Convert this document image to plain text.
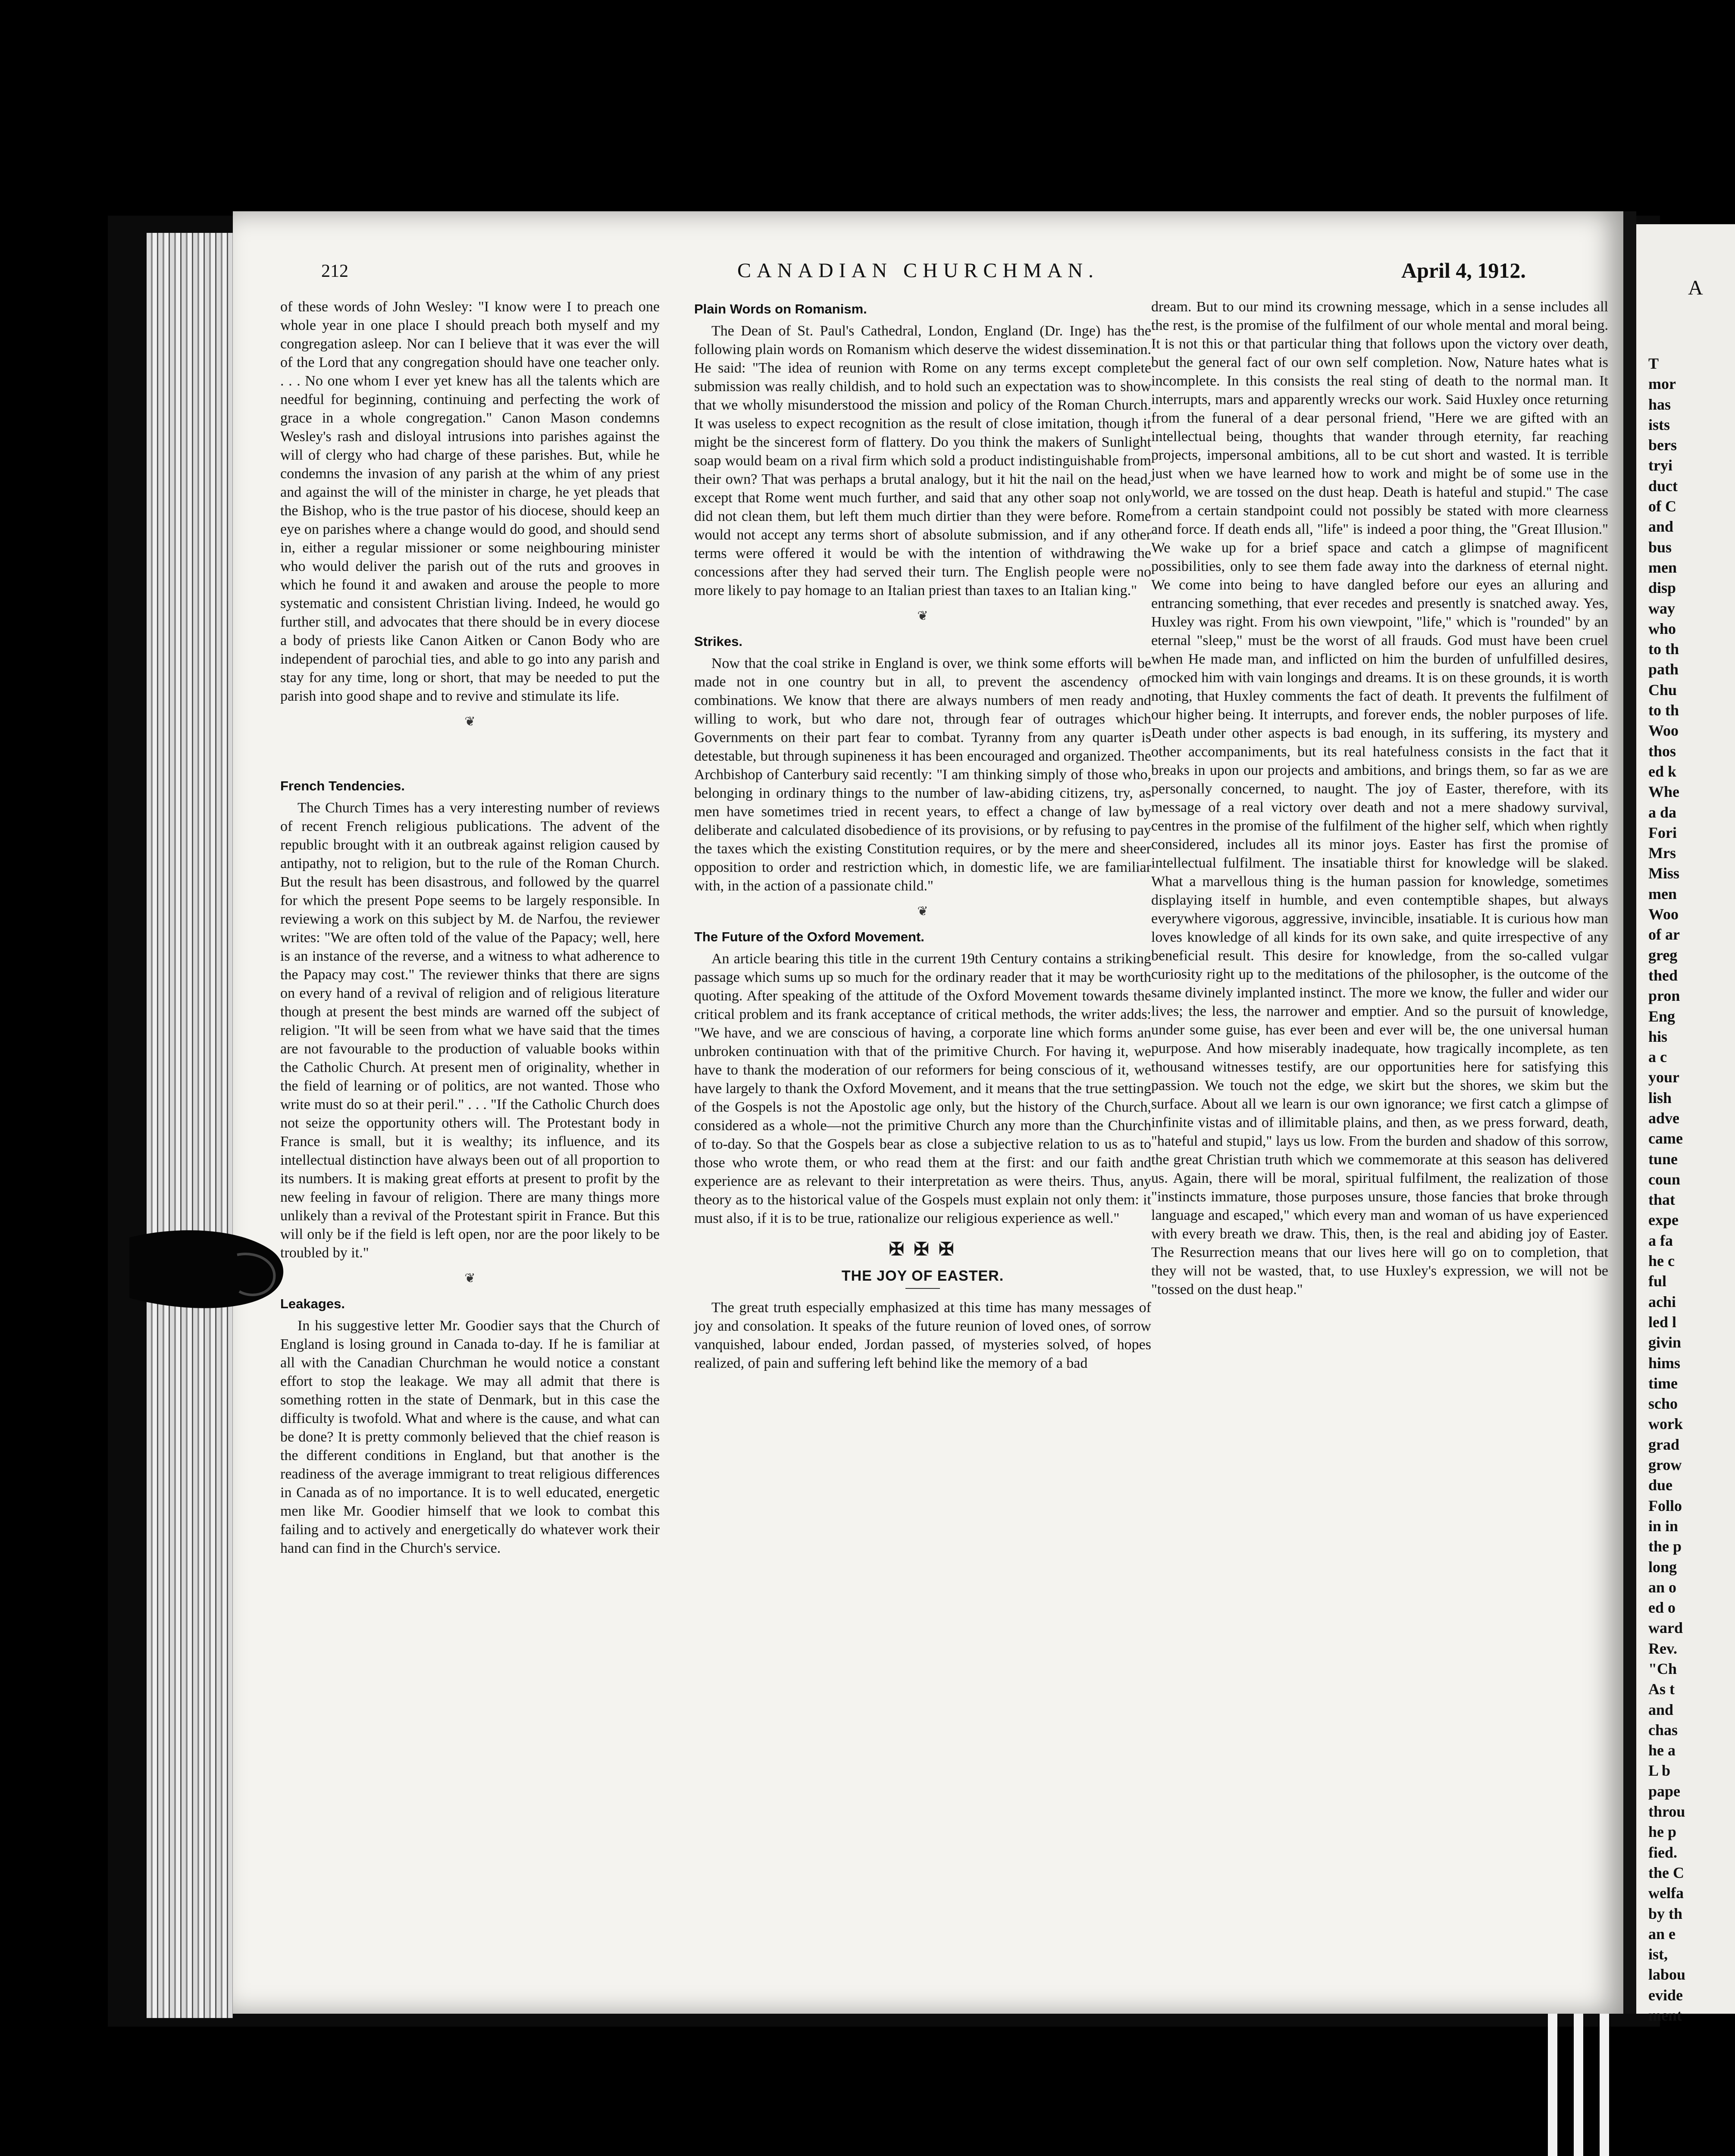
212	CANADIAN CHURCHMAN.	April 4, 1912.

of these words of John Wesley: "I know were I to preach one whole year in one place I should preach both myself and my congregation asleep. Nor can I believe that it was ever the will of the Lord that any congregation should have one teacher only. . . . No one whom I ever yet knew has all the talents which are needful for beginning, continuing and perfecting the work of grace in a whole congregation." Canon Mason condemns Wesley's rash and disloyal intrusions into parishes against the will of clergy who had charge of these parishes. But, while he condemns the invasion of any parish at the whim of any priest and against the will of the minister in charge, he yet pleads that the Bishop, who is the true pastor of his diocese, should keep an eye on parishes where a change would do good, and should send in, either a regular missioner or some neighbouring minister who would deliver the parish out of the ruts and grooves in which he found it and awaken and arouse the people to more systematic and consistent Christian living. Indeed, he would go further still, and advocates that there should be in every diocese a body of priests like Canon Aitken or Canon Body who are independent of parochial ties, and able to go into any parish and stay for any time, long or short, that may be needed to put the parish into good shape and to revive and stimulate its life.

❦
French Tendencies.

The Church Times has a very interesting number of reviews of recent French religious publications. The advent of the republic brought with it an outbreak against religion caused by antipathy, not to religion, but to the rule of the Roman Church. But the result has been disastrous, and followed by the quarrel for which the present Pope seems to be largely responsible. In reviewing a work on this subject by M. de Narfou, the reviewer writes: "We are often told of the value of the Papacy; well, here is an instance of the reverse, and a witness to what adherence to the Papacy may cost." The reviewer thinks that there are signs on every hand of a revival of religion and of religious literature though at present the best minds are warned off the subject of religion. "It will be seen from what we have said that the times are not favourable to the production of valuable books within the Catholic Church. At present men of originality, whether in the field of learning or of politics, are not wanted. Those who write must do so at their peril." . . . "If the Catholic Church does not seize the opportunity others will. The Protestant body in France is small, but it is wealthy; its influence, and its intellectual distinction have always been out of all proportion to its numbers. It is making great efforts at present to profit by the new feeling in favour of religion. There are many things more unlikely than a revival of the Protestant spirit in France. But this will only be if the field is left open, nor are the poor likely to be troubled by it."

❦
Leakages.

In his suggestive letter Mr. Goodier says that the Church of England is losing ground in Canada to-day. If he is familiar at all with the Canadian Churchman he would notice a constant effort to stop the leakage. We may all admit that there is something rotten in the state of Denmark, but in this case the difficulty is twofold. What and where is the cause, and what can be done? It is pretty commonly believed that the chief reason is the different conditions in England, but that another is the readiness of the average immigrant to treat religious differences in Canada as of no importance. It is to well educated, energetic men like Mr. Goodier himself that we look to combat this failing and to actively and energetically do whatever work their hand can find in the Church's service.

Plain Words on Romanism.

The Dean of St. Paul's Cathedral, London, England (Dr. Inge) has the following plain words on Romanism which deserve the widest dissemination. He said: "The idea of reunion with Rome on any terms except complete submission was really childish, and to hold such an expectation was to show that we wholly misunderstood the mission and policy of the Roman Church. It was useless to expect recognition as the result of close imitation, though it might be the sincerest form of flattery. Do you think the makers of Sunlight soap would beam on a rival firm which sold a product indistinguishable from their own? That was perhaps a brutal analogy, but it hit the nail on the head, except that Rome went much further, and said that any other soap not only did not clean them, but left them much dirtier than they were before. Rome would not accept any terms short of absolute submission, and if any other terms were offered it would be with the intention of withdrawing the concessions after they had served their turn. The English people were no more likely to pay homage to an Italian priest than taxes to an Italian king."

❦
Strikes.

Now that the coal strike in England is over, we think some efforts will be made not in one country but in all, to prevent the ascendency of combinations. We know that there are always numbers of men ready and willing to work, but who dare not, through fear of outrages which Governments on their part fear to combat. Tyranny from any quarter is detestable, but through supineness it has been encouraged and organized. The Archbishop of Canterbury said recently: "I am thinking simply of those who, belonging in ordinary things to the number of law-abiding citizens, try, as men have sometimes tried in recent years, to effect a change of law by deliberate and calculated disobedience of its provisions, or by refusing to pay the taxes which the existing Constitution requires, or by the mere and sheer opposition to order and restriction which, in domestic life, we are familiar with, in the action of a passionate child."

❦
The Future of the Oxford Movement.

An article bearing this title in the current 19th Century contains a striking passage which sums up so much for the ordinary reader that it may be worth quoting. After speaking of the attitude of the Oxford Movement towards the critical problem and its frank acceptance of critical methods, the writer adds: "We have, and we are conscious of having, a corporate line which forms an unbroken continuation with that of the primitive Church. For having it, we have to thank the moderation of our reformers for being conscious of it, we have largely to thank the Oxford Movement, and it means that the true setting of the Gospels is not the Apostolic age only, but the history of the Church, considered as a whole—not the primitive Church any more than the Church of to-day. So that the Gospels bear as close a subjective relation to us as to those who wrote them, or who read them at the first: and our faith and experience are as relevant to their interpretation as were theirs. Thus, any theory as to the historical value of the Gospels must explain not only them: it must also, if it is to be true, rationalize our religious experience as well."

✠ ✠ ✠
THE JOY OF EASTER.

The great truth especially emphasized at this time has many messages of joy and consolation. It speaks of the future reunion of loved ones, of sorrow vanquished, labour ended, Jordan passed, of mysteries solved, of hopes realized, of pain and suffering left behind like the memory of a bad

dream. But to our mind its crowning message, which in a sense includes all the rest, is the promise of the fulfilment of our whole mental and moral being. It is not this or that particular thing that follows upon the victory over death, but the general fact of our own self completion. Now, Nature hates what is incomplete. In this consists the real sting of death to the normal man. It interrupts, mars and apparently wrecks our work. Said Huxley once returning from the funeral of a dear personal friend, "Here we are gifted with an intellectual being, thoughts that wander through eternity, far reaching projects, impersonal ambitions, all to be cut short and wasted. It is terrible just when we have learned how to work and might be of some use in the world, we are tossed on the dust heap. Death is hateful and stupid." The case from a certain standpoint could not possibly be stated with more clearness and force. If death ends all, "life" is indeed a poor thing, the "Great Illusion." We wake up for a brief space and catch a glimpse of magnificent possibilities, only to see them fade away into the darkness of eternal night. We come into being to have dangled before our eyes an alluring and entrancing something, that ever recedes and presently is snatched away. Yes, Huxley was right. From his own viewpoint, "life," which is "rounded" by an eternal "sleep," must be the worst of all frauds. God must have been cruel when He made man, and inflicted on him the burden of unfulfilled desires, mocked him with vain longings and dreams. It is on these grounds, it is worth noting, that Huxley comments the fact of death. It prevents the fulfilment of our higher being. It interrupts, and forever ends, the nobler purposes of life. Death under other aspects is bad enough, in its suffering, its mystery and other accompaniments, but its real hatefulness consists in the fact that it breaks in upon our projects and ambitions, and brings them, so far as we are personally concerned, to naught. The joy of Easter, therefore, with its message of a real victory over death and not a mere shadowy survival, centres in the promise of the fulfilment of the higher self, which when rightly considered, includes all its minor joys. Easter has first the promise of intellectual fulfilment. The insatiable thirst for knowledge will be slaked. What a marvellous thing is the human passion for knowledge, sometimes displaying itself in humble, and even contemptible shapes, but always everywhere vigorous, aggressive, invincible, insatiable. It is curious how man loves knowledge of all kinds for its own sake, and quite irrespective of any beneficial result. This desire for knowledge, from the so-called vulgar curiosity right up to the meditations of the philosopher, is the outcome of the same divinely implanted instinct. The more we know, the fuller and wider our lives; the less, the narrower and emptier. And so the pursuit of knowledge, under some guise, has ever been and ever will be, the one universal human purpose. And how miserably inadequate, how tragically incomplete, as ten thousand witnesses testify, are our opportunities here for satisfying this passion. We touch not the edge, we skirt but the shores, we skim but the surface. About all we learn is our own ignorance; we first catch a glimpse of infinite vistas and of illimitable plains, and then, as we press forward, death, "hateful and stupid," lays us low. From the burden and shadow of this sorrow, the great Christian truth which we commemorate at this season has delivered us. Again, there will be moral, spiritual fulfilment, the realization of those "instincts immature, those purposes unsure, those fancies that broke through language and escaped," which every man and woman of us have experienced with every breath we draw. This, then, is the real and abiding joy of Easter. The Resurrection means that our lives here will go on to completion, that they will not be wasted, that, to use Huxley's expression, we will not be "tossed on the dust heap."

A
T
mor
has
ists
bers
tryi
duct
of C
and
bus
men
disp
way
who
to th
path
Chu
to th
Woo
thos
ed k
Whe
a da
Fori
Mrs
Miss
men
Woo
of ar
greg
thed
pron
Eng
his
a c
your
lish
adve
came
tune
coun
that
expe
a fa
he c
ful
achi
led l
givin
hims
time
scho
work
grad
grow
due
Follo
in in
the p
long
an o
ed o
ward
Rev.
"Ch
As t
and
chas
he a
L b
pape
throu
he p
fied.
the C
welfa
by th
an e
ist,
labou
evide
ment
